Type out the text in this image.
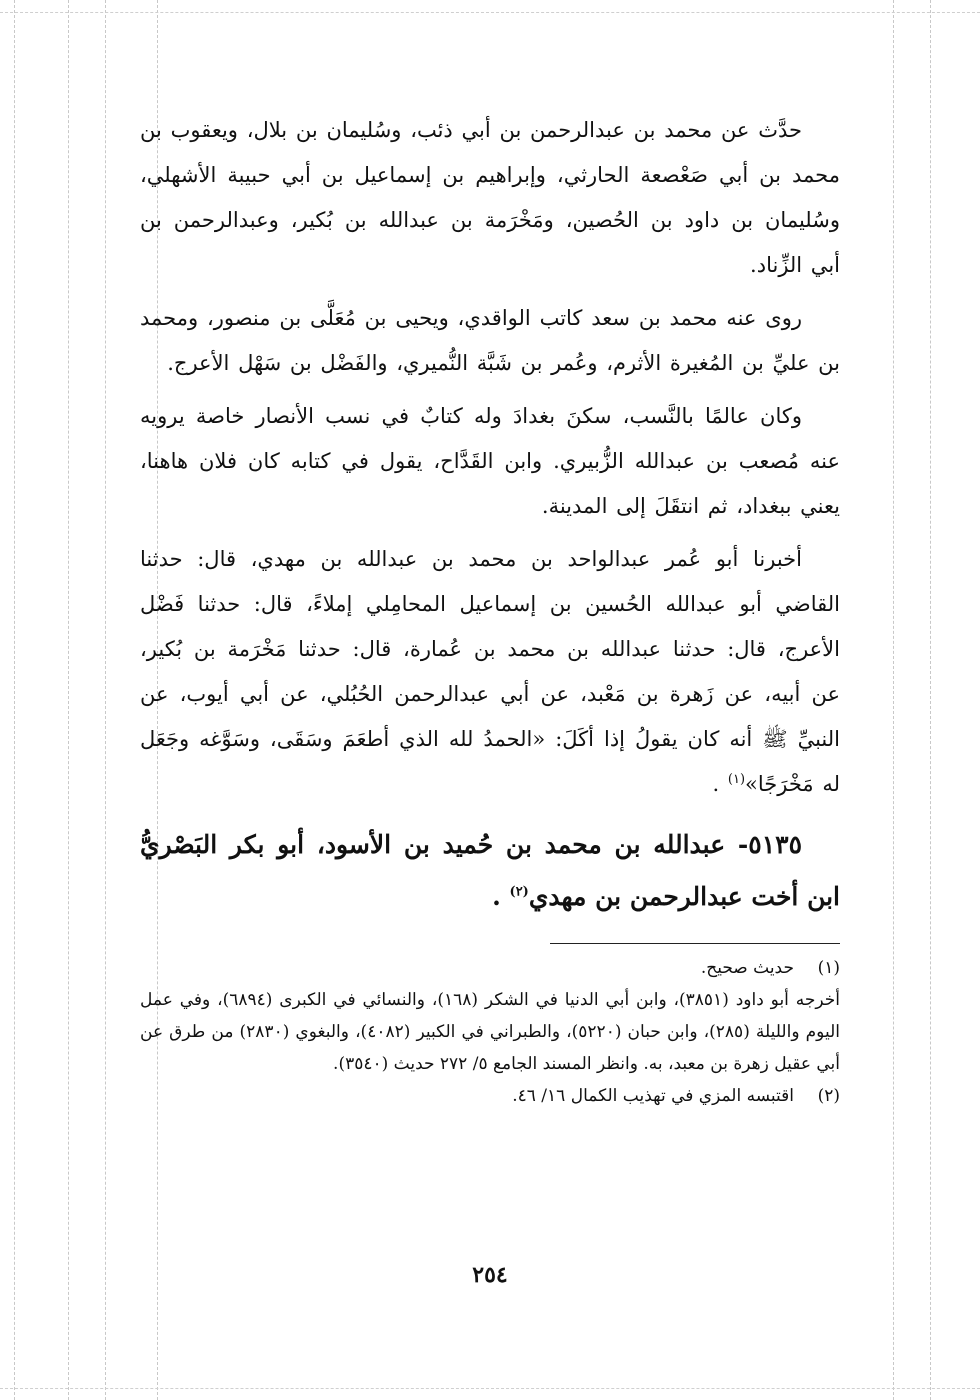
حدَّث عن محمد بن عبدالرحمن بن أبي ذئب، وسُليمان بن بلال، ويعقوب بن محمد بن أبي صَعْصعة الحارثي، وإبراهيم بن إسماعيل بن أبي حبيبة الأشهلي، وسُليمان بن داود بن الحُصين، ومَخْرَمة بن عبدالله بن بُكير، وعبدالرحمن بن أبي الزِّناد.

روى عنه محمد بن سعد كاتب الواقدي، ويحيى بن مُعَلَّى بن منصور، ومحمد بن عليِّ بن المُغيرة الأثرم، وعُمر بن شَبَّة النُّميري، والفَضْل بن سَهْل الأعرج.

وكان عالمًا بالنَّسب، سكنَ بغدادَ وله كتابٌ في نسب الأنصار خاصة يرويه عنه مُصعب بن عبدالله الزُّبيري. وابن القَدَّاح، يقول في كتابه كان فلان هاهنا، يعني ببغداد، ثم انتقَلَ إلى المدينة.

أخبرنا أبو عُمر عبدالواحد بن محمد بن عبدالله بن مهدي، قال: حدثنا القاضي أبو عبدالله الحُسين بن إسماعيل المحامِلي إملاءً، قال: حدثنا فَضْل الأعرج، قال: حدثنا عبدالله بن محمد بن عُمارة، قال: حدثنا مَخْرَمة بن بُكير، عن أبيه، عن زَهرة بن مَعْبد، عن أبي عبدالرحمن الحُبُلي، عن أبي أيوب، عن النبيِّ ﷺ أنه كان يقولُ إذا أكَلَ: «الحمدُ لله الذي أطعَمَ وسَقَى، وسَوَّغه وجَعَل له مَخْرَجًا»$^{(١)}$ .

٥١٣٥- عبدالله بن محمد بن حُميد بن الأسود، أبو بكر البَصْريُّ ابن أخت عبدالرحمن بن مهدي$^{(٢)}$ .

(١)حديث صحيح.

أخرجه أبو داود (٣٨٥١)، وابن أبي الدنيا في الشكر (١٦٨)، والنسائي في الكبرى (٦٨٩٤)، وفي عمل اليوم والليلة (٢٨٥)، وابن حبان (٥٢٢٠)، والطبراني في الكبير (٤٠٨٢)، والبغوي (٢٨٣٠) من طرق عن أبي عقيل زهرة بن معبد، به. وانظر المسند الجامع ٥/ ٢٧٢ حديث (٣٥٤٠).

(٢)اقتبسه المزي في تهذيب الكمال ١٦/ ٤٦.

٢٥٤
